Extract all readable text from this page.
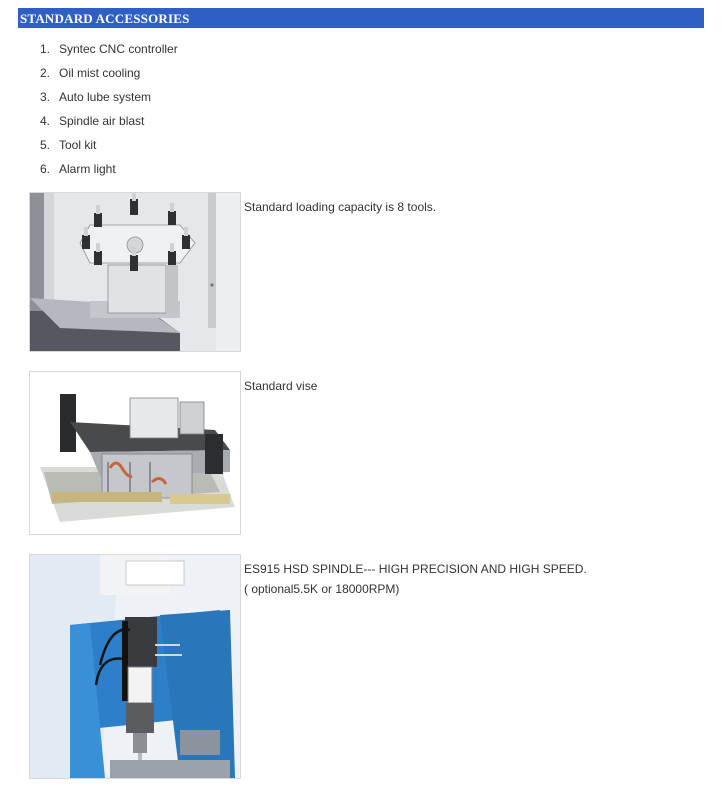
STANDARD ACCESSORIES
1. Syntec CNC controller
2. Oil mist cooling
3. Auto lube system
4. Spindle air blast
5. Tool kit
6. Alarm light
Standard loading capacity is 8 tools.
Standard vise
ES915 HSD SPINDLE--- HIGH PRECISION AND HIGH SPEED.
( optional5.5K or 18000RPM)
